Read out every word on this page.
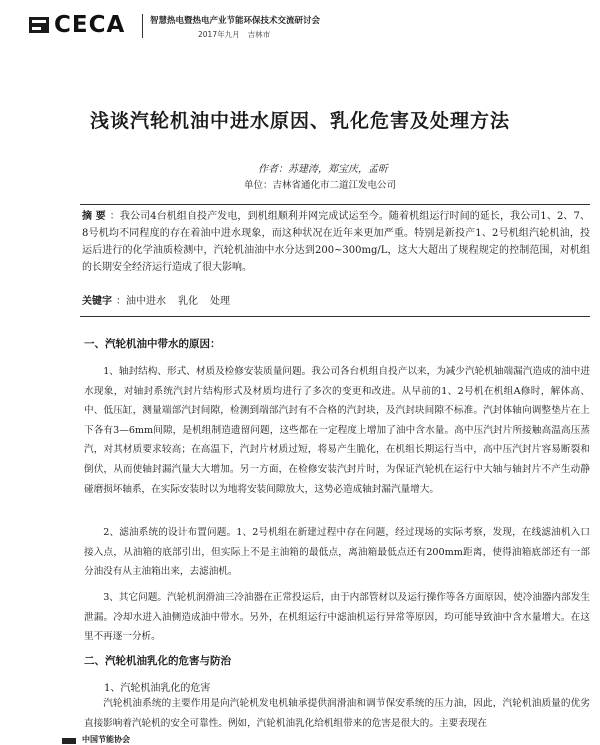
CECA	智慧热电暨热电产业节能环保技术交流研讨会
2017年九月 吉林市
浅谈汽轮机油中进水原因、乳化危害及处理方法
作者：苏建涛，郑宝庆，孟昕
单位：吉林省通化市二道江发电公司
摘 要 ：我公司4台机组自投产发电，到机组顺利并网完成试运至今。随着机组运行时间的延长，我公司1、2、7、8号机均不同程度的存在着油中进水现象，而这种状况在近年来更加严重。特别是新投产1、2号机组汽轮机油，投运后进行的化学油质检测中，汽轮机油油中水分达到200~300mg/L，这大大超出了规程规定的控制范围，对机组的长期安全经济运行造成了很大影响。
关键字 ：油中进水 乳化 处理
一、汽轮机油中带水的原因：
1、轴封结构、形式、材质及检修安装质量问题。我公司各台机组自投产以来，为减少汽轮机轴端漏汽造成的油中进水现象，对轴封系统汽封片结构形式及材质均进行了多次的变更和改进。从早前的1、2号机在机组A修时，解体高、中、低压缸，测量端部汽封间隙，检测到端部汽封有不合格的汽封块，及汽封块间隙不标准。汽封体轴向调整垫片在上下各有3—6mm间隙，是机组制造遗留问题，这些都在一定程度上增加了油中含水量。高中压汽封片所接触高温高压蒸汽，对其材质要求较高；在高温下，汽封片材质过短，将易产生脆化，在机组长期运行当中，高中压汽封片容易断裂和倒伏，从而使轴封漏汽量大大增加。另一方面，在检修安装汽封片时，为保证汽轮机在运行中大轴与轴封片不产生动静碰磨损坏轴系，在实际安装时以为地将安装间隙放大，这势必造成轴封漏汽量增大。
2、滤油系统的设计布置问题。1、2号机组在新建过程中存在问题，经过现场的实际考察，发现，在线滤油机入口接入点，从油箱的底部引出，但实际上不是主油箱的最低点，离油箱最低点还有200mm距离，使得油箱底部还有一部分油没有从主油箱出来，去滤油机。
3、其它问题。汽轮机润滑油三冷油器在正常投运后，由于内部管材以及运行操作等各方面原因，使冷油器内部发生泄漏。冷却水进入油侧造成油中带水。另外，在机组运行中滤油机运行异常等原因，均可能导致油中含水量增大。在这里不再逐一分析。
二、汽轮机油乳化的危害与防治
1、汽轮机油乳化的危害
汽轮机油系统的主要作用是向汽轮机发电机轴承提供润滑油和调节保安系统的压力油，因此，汽轮机油质量的优劣直接影响着汽轮机的安全可靠性。例如，汽轮机油乳化给机组带来的危害是很大的。主要表现在
中国节能协会
